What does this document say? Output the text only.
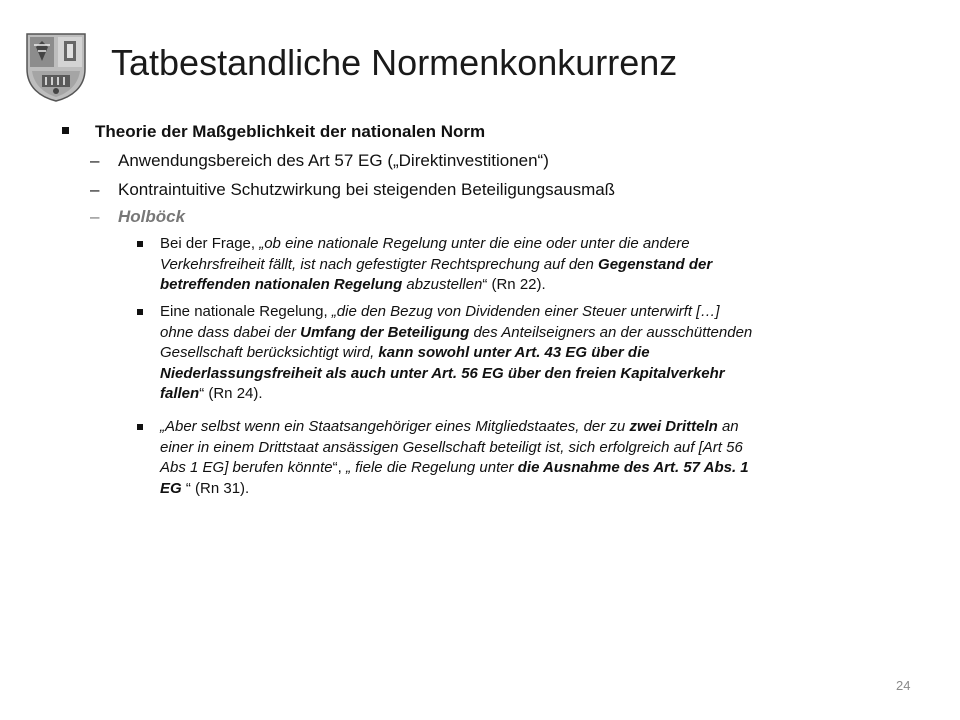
Tatbestandliche Normenkonkurrenz
Theorie der Maßgeblichkeit der nationalen Norm
– Anwendungsbereich des Art 57 EG („Direktinvestitionen“)
– Kontraintuitive Schutzwirkung bei steigenden Beteiligungsausmaß
– Holböck
Bei der Frage, „ob eine nationale Regelung unter die eine oder unter die andere
Verkehrsfreiheit fällt, ist nach gefestigter Rechtsprechung auf den Gegenstand der
betreffenden nationalen Regelung abzustellen“ (Rn 22).
Eine nationale Regelung, „die den Bezug von Dividenden einer Steuer unterwirft […]
ohne dass dabei der Umfang der Beteiligung des Anteilseigners an der ausschüttenden
Gesellschaft berücksichtigt wird, kann sowohl unter Art. 43 EG über die
Niederlassungsfreiheit als auch unter Art. 56 EG über den freien Kapitalverkehr
fallen“ (Rn 24).
„Aber selbst wenn ein Staatsangehöriger eines Mitgliedstaates, der zu zwei Dritteln an
einer in einem Drittstaat ansässigen Gesellschaft beteiligt ist, sich erfolgreich auf [Art 56
Abs 1 EG] berufen könnte“, „ fiele die Regelung unter die Ausnahme des Art. 57 Abs. 1
EG “ (Rn 31).
24
